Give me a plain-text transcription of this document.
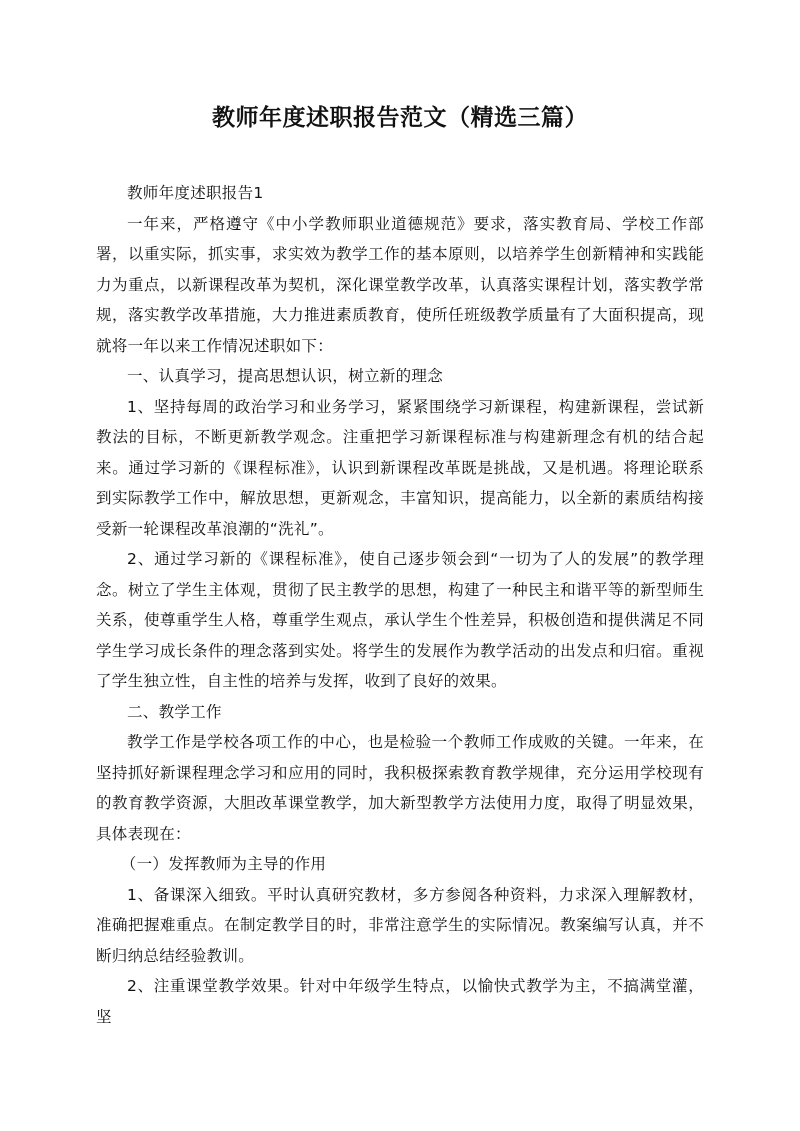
教师年度述职报告范文（精选三篇）

教师年度述职报告1

一年来，严格遵守《中小学教师职业道德规范》要求，落实教育局、学校工作部署，以重实际，抓实事，求实效为教学工作的基本原则，以培养学生创新精神和实践能力为重点，以新课程改革为契机，深化课堂教学改革，认真落实课程计划，落实教学常规，落实教学改革措施，大力推进素质教育，使所任班级教学质量有了大面积提高，现就将一年以来工作情况述职如下：

一、认真学习，提高思想认识，树立新的理念

1、坚持每周的政治学习和业务学习，紧紧围绕学习新课程，构建新课程，尝试新教法的目标，不断更新教学观念。注重把学习新课程标准与构建新理念有机的结合起来。通过学习新的《课程标准》，认识到新课程改革既是挑战，又是机遇。将理论联系到实际教学工作中，解放思想，更新观念，丰富知识，提高能力，以全新的素质结构接受新一轮课程改革浪潮的“洗礼”。

2、通过学习新的《课程标准》，使自己逐步领会到“一切为了人的发展”的教学理念。树立了学生主体观，贯彻了民主教学的思想，构建了一种民主和谐平等的新型师生关系，使尊重学生人格，尊重学生观点，承认学生个性差异，积极创造和提供满足不同学生学习成长条件的理念落到实处。将学生的发展作为教学活动的出发点和归宿。重视了学生独立性，自主性的培养与发挥，收到了良好的效果。

二、教学工作

教学工作是学校各项工作的中心，也是检验一个教师工作成败的关键。一年来，在坚持抓好新课程理念学习和应用的同时，我积极探索教育教学规律，充分运用学校现有的教育教学资源，大胆改革课堂教学，加大新型教学方法使用力度，取得了明显效果，具体表现在：

（一）发挥教师为主导的作用

1、备课深入细致。平时认真研究教材，多方参阅各种资料，力求深入理解教材，准确把握难重点。在制定教学目的时，非常注意学生的实际情况。教案编写认真，并不断归纳总结经验教训。

2、注重课堂教学效果。针对中年级学生特点，以愉快式教学为主，不搞满堂灌，坚
